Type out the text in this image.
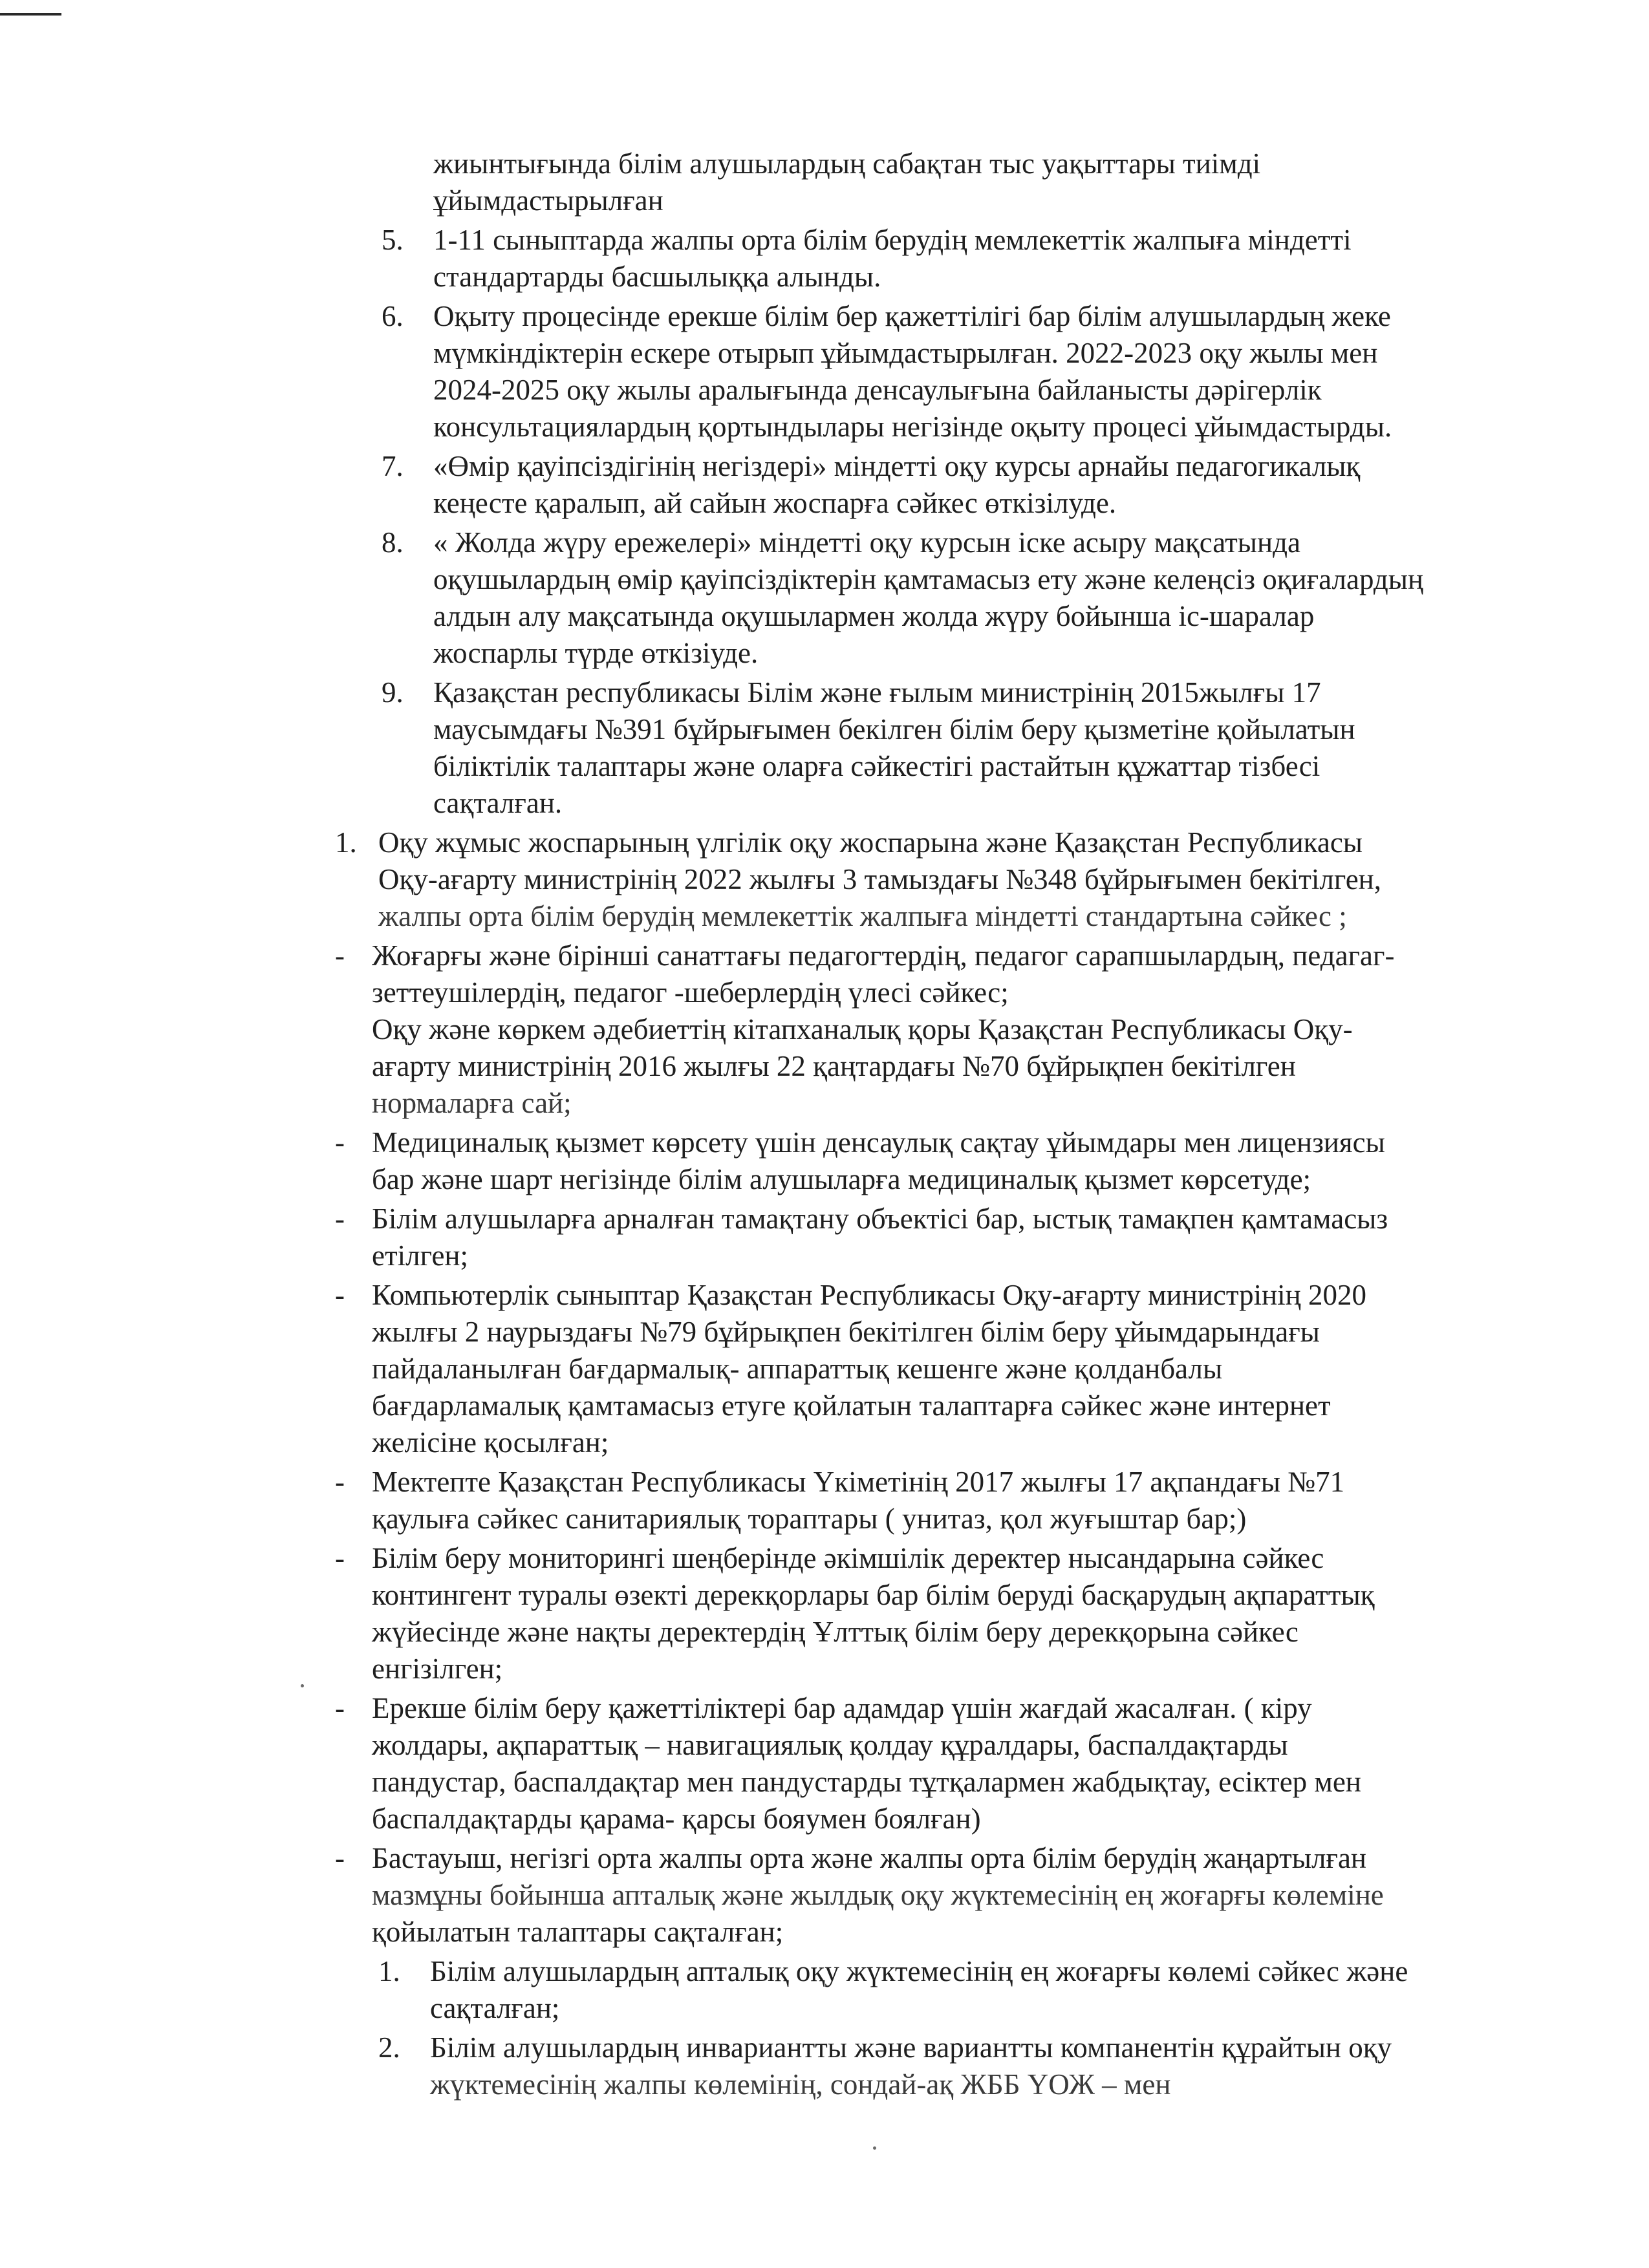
жиынтығында білім алушылардың сабақтан тыс уақыттары тиімді
ұйымдастырылған
5.	1-11 сыныптарда жалпы орта білім берудің мемлекеттік жалпыға міндетті
стандартарды басшылыққа алынды.
6.	Оқыту процесінде ерекше білім бер қажеттілігі бар білім алушылардың жеке
мүмкіндіктерін ескере отырып ұйымдастырылған. 2022-2023 оқу жылы мен
2024-2025 оқу жылы аралығында денсаулығына байланысты дәрігерлік
консультациялардың қортындылары негізінде оқыту процесі ұйымдастырды.
7.	«Өмір қауіпсіздігінің негіздері» міндетті оқу курсы арнайы педагогикалық
кеңесте қаралып, ай сайын жоспарға сәйкес өткізілуде.
8.	« Жолда жүру ережелері» міндетті оқу курсын іске асыру мақсатында
оқушылардың өмір қауіпсіздіктерін қамтамасыз ету және келеңсіз оқиғалардың
алдын алу мақсатында оқушылармен жолда жүру бойынша іс-шаралар
жоспарлы түрде өткізіуде.
9.	Қазақстан республикасы Білім және ғылым министрінің 2015жылғы 17
маусымдағы №391 бұйрығымен бекілген білім беру қызметіне қойылатын
біліктілік талаптары және оларға сәйкестігі растайтын құжаттар тізбесі
сақталған.
1. Оқу жұмыс жоспарының үлгілік оқу жоспарына және Қазақстан Республикасы
Оқу-ағарту министрінің 2022 жылғы 3 тамыздағы №348 бұйрығымен бекітілген,
жалпы орта білім берудің мемлекеттік жалпыға міндетті стандартына сәйкес ;
- Жоғарғы және бірінші санаттағы педагогтердің, педагог сарапшылардың, педагаг-
зеттеушілердің, педагог -шеберлердің үлесі сәйкес;
Оқу және көркем әдебиеттің кітапханалық қоры Қазақстан Республикасы Оқу-
ағарту министрінің 2016 жылғы 22 қаңтардағы №70 бұйрықпен бекітілген
нормаларға сай;
- Медициналық қызмет көрсету үшін денсаулық сақтау ұйымдары мен лицензиясы
бар және шарт негізінде білім алушыларға медициналық қызмет көрсетуде;
- Білім алушыларға арналған тамақтану объектісі бар, ыстық тамақпен қамтамасыз
етілген;
- Компьютерлік сыныптар Қазақстан Республикасы Оқу-ағарту министрінің 2020
жылғы 2 наурыздағы №79 бұйрықпен бекітілген білім беру ұйымдарындағы
пайдаланылған бағдармалық- аппараттық кешенге және қолданбалы
бағдарламалық қамтамасыз етуге қойлатын талаптарға сәйкес және интернет
желісіне қосылған;
- Мектепте Қазақстан Республикасы Үкіметінің 2017 жылғы 17 ақпандағы №71
қаулыға сәйкес санитариялық торaптары ( унитаз, қол жуғыштар бар;)
- Білім беру мониторингі шеңберінде әкімшілік деректер нысандарына сәйкес
контингент туралы өзекті дерекқорлары бар білім беруді басқарудың ақпараттық
жүйесінде және нақты деректердің Ұлттық білім беру дерекқорына сәйкес
енгізілген;
- Ерекше білім беру қажеттіліктері бар адамдар үшін жағдай жасалған. ( кіру
жолдары, ақпараттық – навигациялық қолдау құралдары, баспалдақтарды
пандустар, баспалдақтар мен пандустарды тұтқалармен жабдықтау, есіктер мен
баспалдақтарды қарама- қарсы бояумен боялған)
- Бастауыш, негізгі орта жалпы орта және жалпы орта білім берудің жаңартылған
мазмұны бойынша апталық және жылдық оқу жүктемесінің ең жоғарғы көлеміне
қойылатын талаптары сақталған;
1. Білім алушылардың апталық оқу жүктемесінің ең жоғарғы көлемі сәйкес және
сақталған;
2. Білім алушылардың инвариантты және вариантты компанентін құрайтын оқу
жүктемесінің жалпы көлемінің, сондай-ақ ЖББ ҮОЖ – мен
